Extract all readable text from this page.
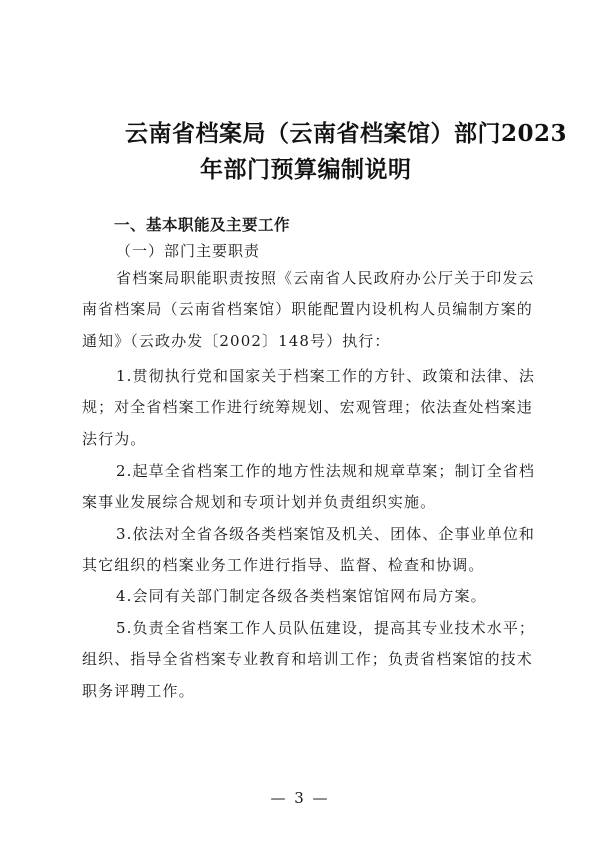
云南省档案局（云南省档案馆）部门2023
年部门预算编制说明
一、基本职能及主要工作
（一）部门主要职责
省档案局职能职责按照《云南省人民政府办公厅关于印发云
南省档案局（云南省档案馆）职能配置内设机构人员编制方案的
通知》（云政办发〔2002〕148号）执行：
1.贯彻执行党和国家关于档案工作的方针、政策和法律、法
规；对全省档案工作进行统筹规划、宏观管理；依法查处档案违
法行为。
2.起草全省档案工作的地方性法规和规章草案；制订全省档
案事业发展综合规划和专项计划并负责组织实施。
3.依法对全省各级各类档案馆及机关、团体、企事业单位和
其它组织的档案业务工作进行指导、监督、检查和协调。
4.会同有关部门制定各级各类档案馆馆网布局方案。
5.负责全省档案工作人员队伍建设，提高其专业技术水平；
组织、指导全省档案专业教育和培训工作；负责省档案馆的技术
职务评聘工作。
— 3 —
